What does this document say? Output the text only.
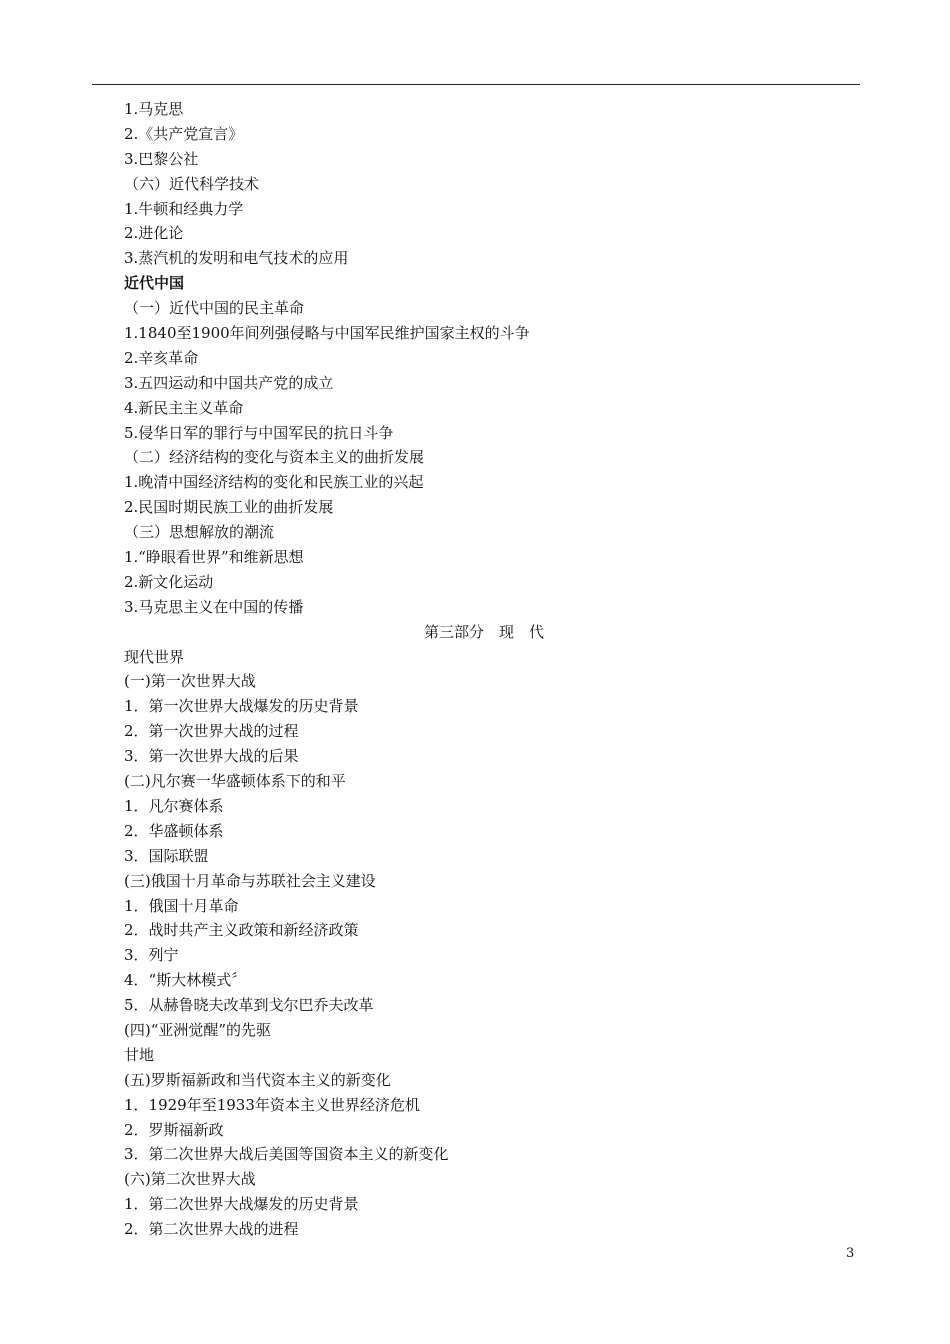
1.马克思
2.《共产党宣言》
3.巴黎公社
（六）近代科学技术
1.牛顿和经典力学
2.进化论
3.蒸汽机的发明和电气技术的应用
近代中国
（一）近代中国的民主革命
1.1840至1900年间列强侵略与中国军民维护国家主权的斗争
2.辛亥革命
3.五四运动和中国共产党的成立
4.新民主主义革命
5.侵华日军的罪行与中国军民的抗日斗争
（二）经济结构的变化与资本主义的曲折发展
1.晚清中国经济结构的变化和民族工业的兴起
2.民国时期民族工业的曲折发展
（三）思想解放的潮流
1.“睁眼看世界”和维新思想
2.新文化运动
3.马克思主义在中国的传播
第三部分　现　代
现代世界
(一)第一次世界大战
1．第一次世界大战爆发的历史背景
2．第一次世界大战的过程
3．第一次世界大战的后果
(二)凡尔赛一华盛顿体系下的和平
1．凡尔赛体系
2．华盛顿体系
3．国际联盟
(三)俄国十月革命与苏联社会主义建设
1．俄国十月革命
2．战时共产主义政策和新经济政策
3．列宁
4．“斯大林模式〞
5．从赫鲁晓夫改革到戈尔巴乔夫改革
(四)“亚洲觉醒”的先驱
甘地
(五)罗斯福新政和当代资本主义的新变化
1．1929年至1933年资本主义世界经济危机
2．罗斯福新政
3．第二次世界大战后美国等国资本主义的新变化
(六)第二次世界大战
1．第二次世界大战爆发的历史背景
2．第二次世界大战的进程
3
